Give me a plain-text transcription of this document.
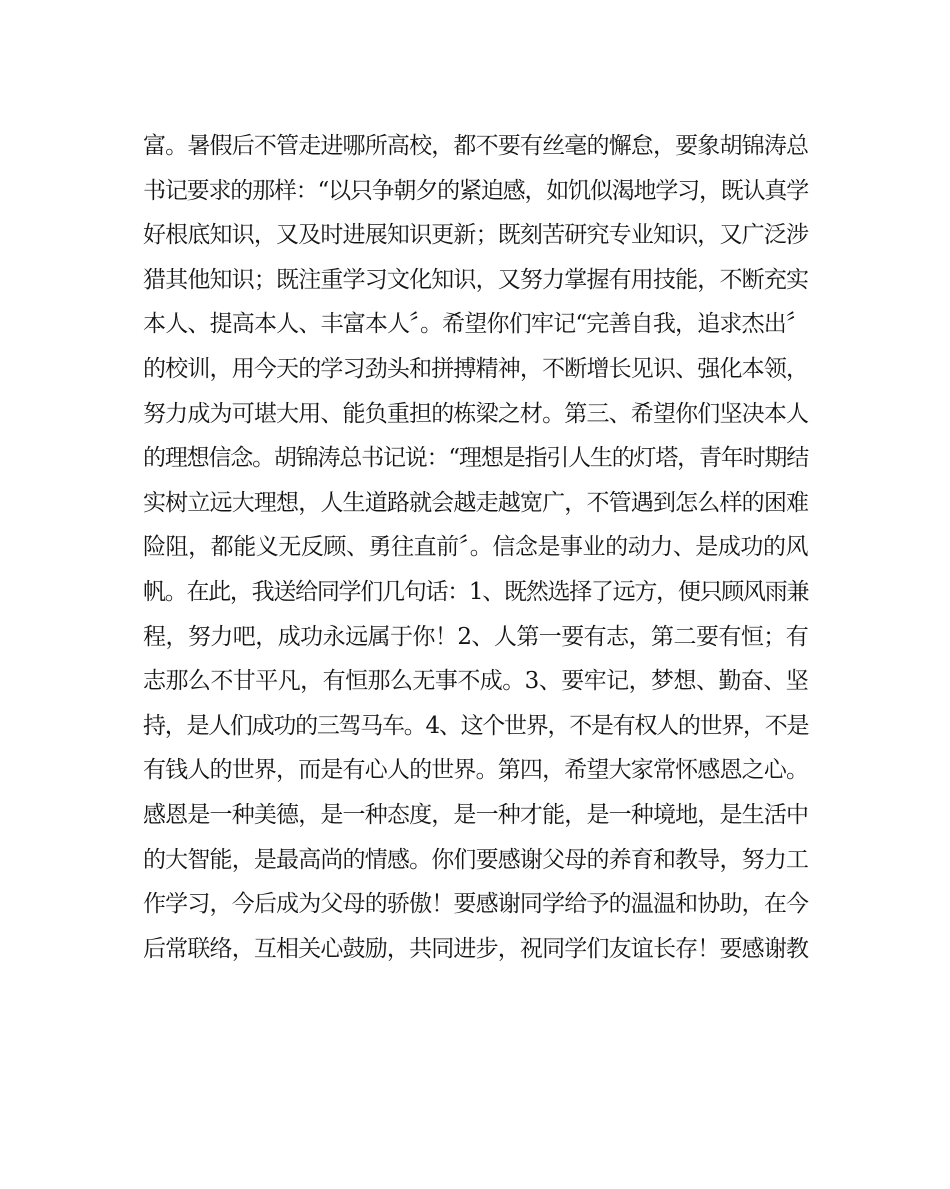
富。暑假后不管走进哪所高校，都不要有丝毫的懈怠，要象胡锦涛总
书记要求的那样：“以只争朝夕的紧迫感，如饥似渴地学习，既认真学
好根底知识，又及时进展知识更新；既刻苦研究专业知识，又广泛涉
猎其他知识；既注重学习文化知识，又努力掌握有用技能，不断充实
本人、提高本人、丰富本人〞。希望你们牢记“完善自我，追求杰出〞
的校训，用今天的学习劲头和拼搏精神，不断增长见识、强化本领，
努力成为可堪大用、能负重担的栋梁之材。第三、希望你们坚决本人
的理想信念。胡锦涛总书记说：“理想是指引人生的灯塔，青年时期结
实树立远大理想，人生道路就会越走越宽广，不管遇到怎么样的困难
险阻，都能义无反顾、勇往直前〞。信念是事业的动力、是成功的风
帆。在此，我送给同学们几句话：1、既然选择了远方，便只顾风雨兼
程，努力吧，成功永远属于你！2、人第一要有志，第二要有恒；有
志那么不甘平凡，有恒那么无事不成。3、要牢记，梦想、勤奋、坚
持，是人们成功的三驾马车。4、这个世界，不是有权人的世界，不是
有钱人的世界，而是有心人的世界。第四，希望大家常怀感恩之心。
感恩是一种美德，是一种态度，是一种才能，是一种境地，是生活中
的大智能，是最高尚的情感。你们要感谢父母的养育和教导，努力工
作学习，今后成为父母的骄傲！要感谢同学给予的温温和协助，在今
后常联络，互相关心鼓励，共同进步，祝同学们友谊长存！要感谢教
